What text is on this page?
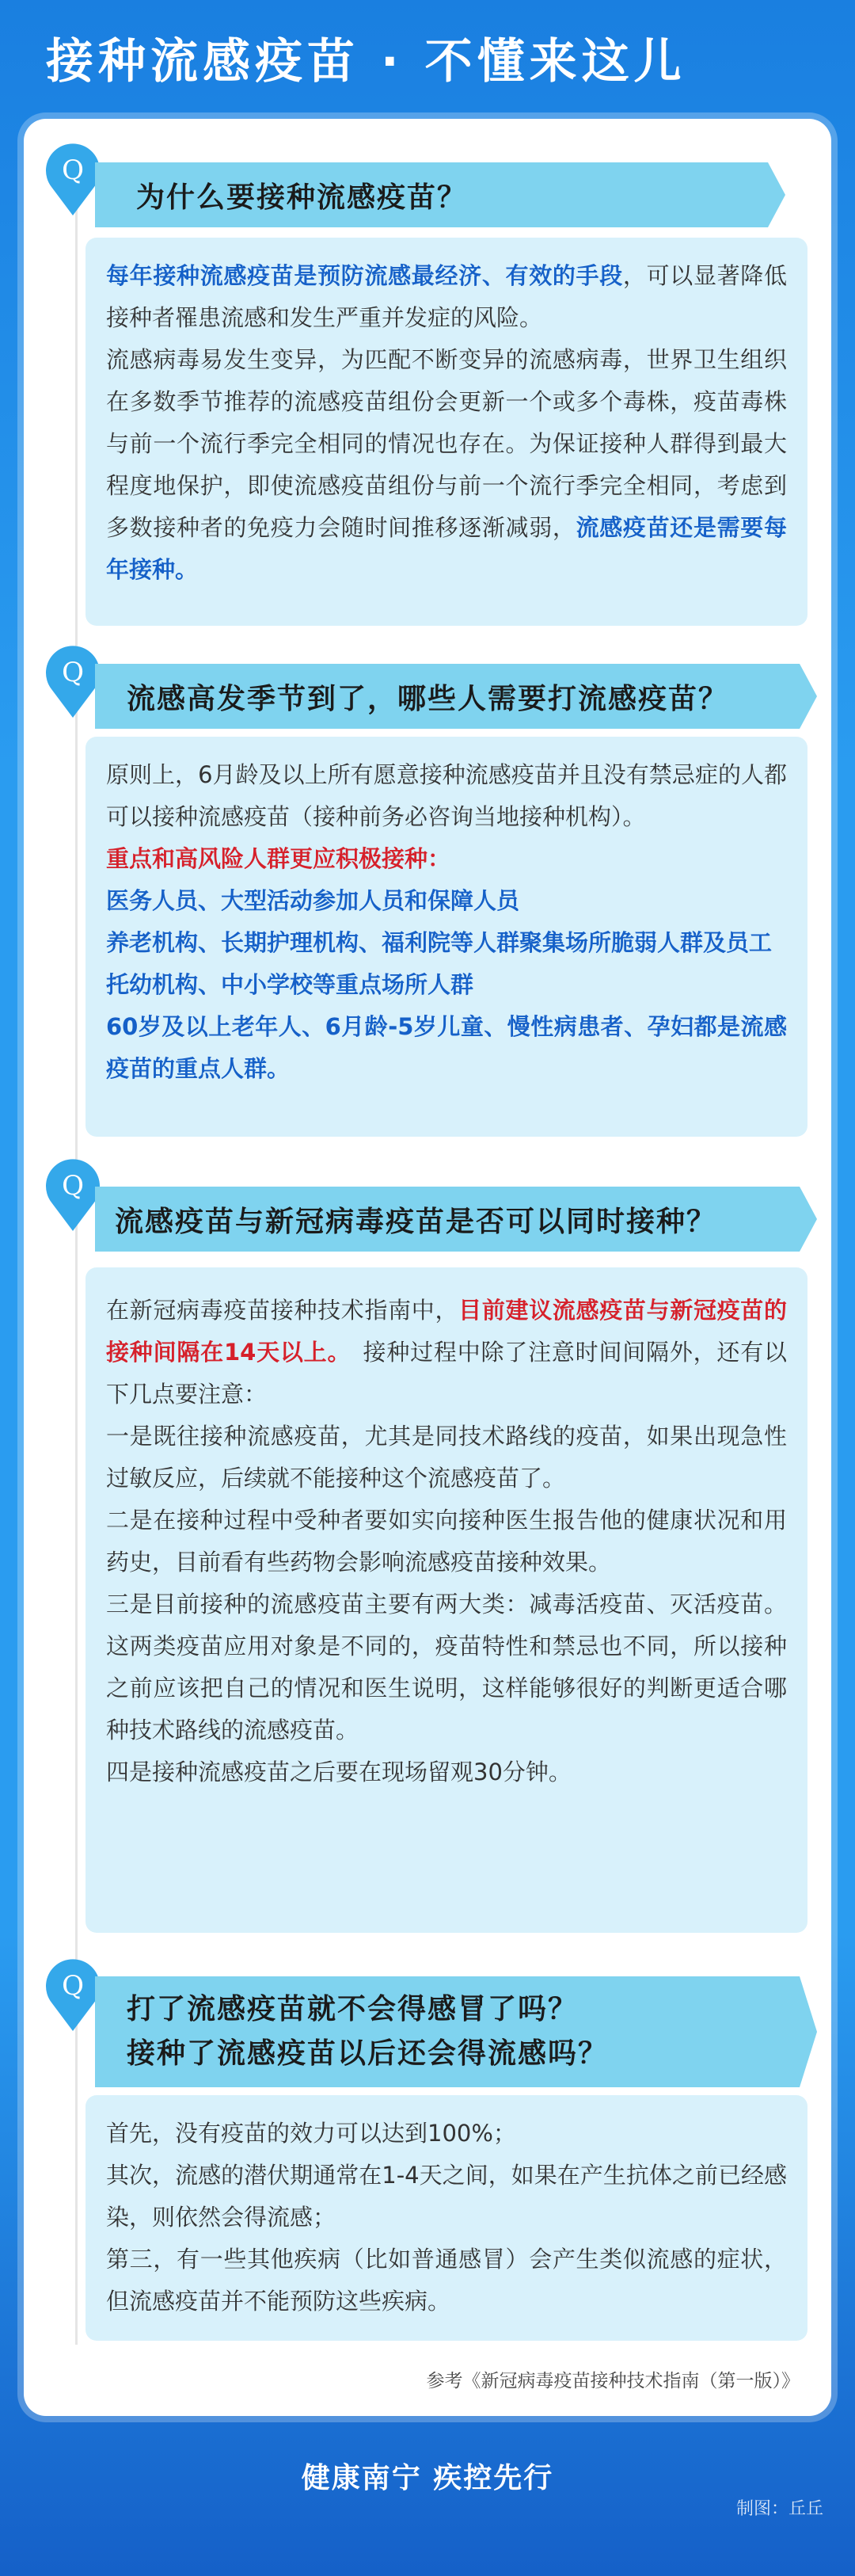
接种流感疫苗 · 不懂来这儿
Q
为什么要接种流感疫苗？

每年接种流感疫苗是预防流感最经济、有效的手段，可以显著降低接种者罹患流感和发生严重并发症的风险。

流感病毒易发生变异，为匹配不断变异的流感病毒，世界卫生组织在多数季节推荐的流感疫苗组份会更新一个或多个毒株，疫苗毒株与前一个流行季完全相同的情况也存在。为保证接种人群得到最大程度地保护，即使流感疫苗组份与前一个流行季完全相同，考虑到多数接种者的免疫力会随时间推移逐渐减弱，流感疫苗还是需要每年接种。

Q
流感高发季节到了，哪些人需要打流感疫苗？

原则上，6月龄及以上所有愿意接种流感疫苗并且没有禁忌症的人都可以接种流感疫苗（接种前务必咨询当地接种机构）。

重点和高风险人群更应积极接种：

医务人员、大型活动参加人员和保障人员

养老机构、长期护理机构、福利院等人群聚集场所脆弱人群及员工

托幼机构、中小学校等重点场所人群

60岁及以上老年人、6月龄-5岁儿童、慢性病患者、孕妇都是流感疫苗的重点人群。

Q
流感疫苗与新冠病毒疫苗是否可以同时接种？

在新冠病毒疫苗接种技术指南中，目前建议流感疫苗与新冠疫苗的接种间隔在14天以上。　接种过程中除了注意时间间隔外，还有以下几点要注意：

一是既往接种流感疫苗，尤其是同技术路线的疫苗，如果出现急性过敏反应，后续就不能接种这个流感疫苗了。

二是在接种过程中受种者要如实向接种医生报告他的健康状况和用药史，目前看有些药物会影响流感疫苗接种效果。

三是目前接种的流感疫苗主要有两大类：减毒活疫苗、灭活疫苗。这两类疫苗应用对象是不同的，疫苗特性和禁忌也不同，所以接种之前应该把自己的情况和医生说明，这样能够很好的判断更适合哪种技术路线的流感疫苗。

四是接种流感疫苗之后要在现场留观30分钟。

Q
打了流感疫苗就不会得感冒了吗？
接种了流感疫苗以后还会得流感吗？

首先，没有疫苗的效力可以达到100%；

其次，流感的潜伏期通常在1-4天之间，如果在产生抗体之前已经感染，则依然会得流感；

第三，有一些其他疾病（比如普通感冒）会产生类似流感的症状，但流感疫苗并不能预防这些疾病。

参考《新冠病毒疫苗接种技术指南（第一版）》
健康南宁 疾控先行
制图：丘丘
